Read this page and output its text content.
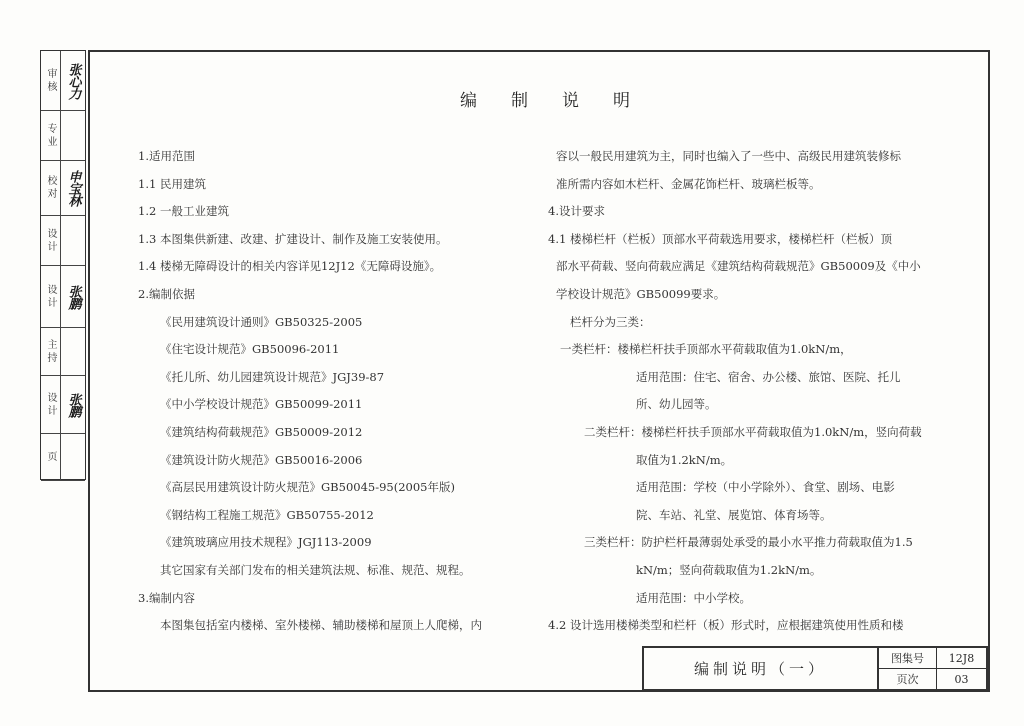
审核 张心力
专业
校对 申宝林
设计
设计 张鹏
主持
设计 张鹏
页
编制说明
1.适用范围
1.1 民用建筑
1.2 一般工业建筑
1.3 本图集供新建、改建、扩建设计、制作及施工安装使用。
1.4 楼梯无障碍设计的相关内容详见12J12《无障碍设施》。
2.编制依据
《民用建筑设计通则》GB50325-2005
《住宅设计规范》GB50096-2011
《托儿所、幼儿园建筑设计规范》JGJ39-87
《中小学校设计规范》GB50099-2011
《建筑结构荷载规范》GB50009-2012
《建筑设计防火规范》GB50016-2006
《高层民用建筑设计防火规范》GB50045-95(2005年版)
《钢结构工程施工规范》GB50755-2012
《建筑玻璃应用技术规程》JGJ113-2009
其它国家有关部门发布的相关建筑法规、标准、规范、规程。
3.编制内容
本图集包括室内楼梯、室外楼梯、辅助楼梯和屋顶上人爬梯，内
容以一般民用建筑为主，同时也编入了一些中、高级民用建筑装修标
准所需内容如木栏杆、金属花饰栏杆、玻璃栏板等。
4.设计要求
4.1 楼梯栏杆（栏板）顶部水平荷载选用要求，楼梯栏杆（栏板）顶
部水平荷载、竖向荷载应满足《建筑结构荷载规范》GB50009及《中小
学校设计规范》GB50099要求。
栏杆分为三类：
一类栏杆：楼梯栏杆扶手顶部水平荷载取值为1.0kN/m，
适用范围：住宅、宿舍、办公楼、旅馆、医院、托儿
所、幼儿园等。
二类栏杆：楼梯栏杆扶手顶部水平荷载取值为1.0kN/m，竖向荷载
取值为1.2kN/m。
适用范围：学校（中小学除外）、食堂、剧场、电影
院、车站、礼堂、展览馆、体育场等。
三类栏杆：防护栏杆最薄弱处承受的最小水平推力荷载取值为1.5
kN/m；竖向荷载取值为1.2kN/m。
适用范围：中小学校。
4.2 设计选用楼梯类型和栏杆（板）形式时，应根据建筑使用性质和楼
编制说明（一）
图集号	12J8
页次	03
